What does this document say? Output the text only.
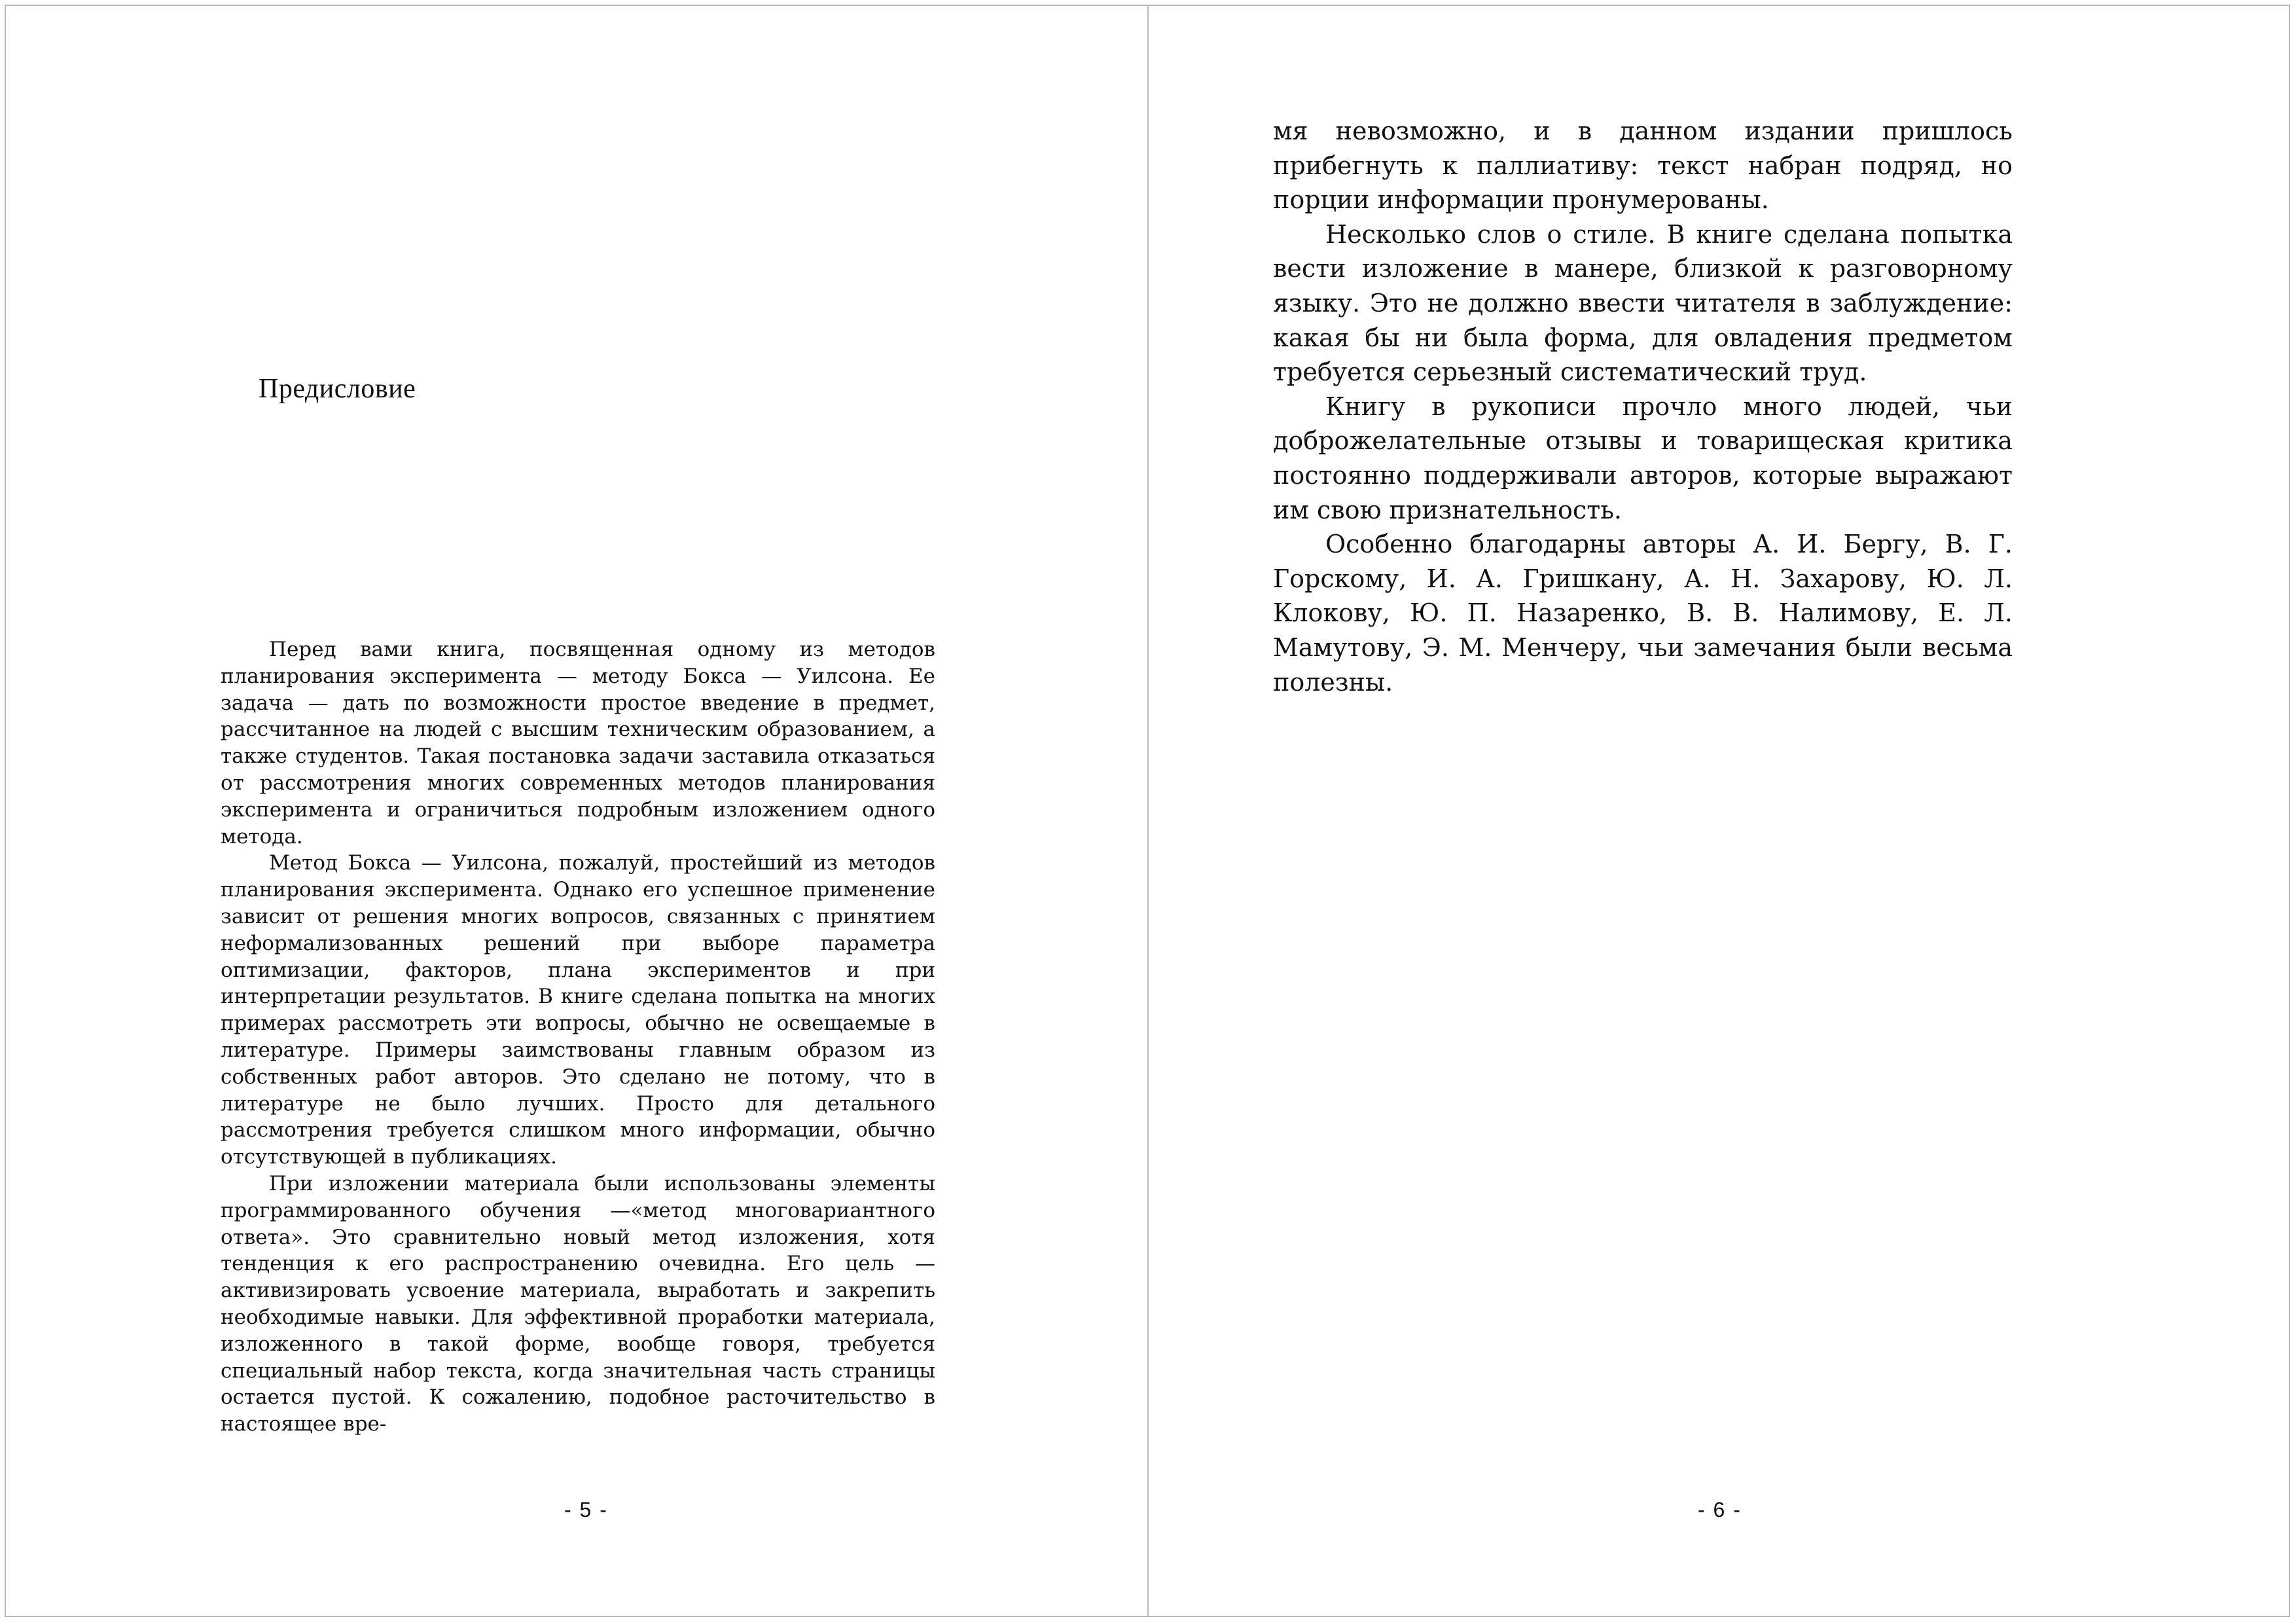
Предисловие

Перед вами книга, посвященная одному из методов планирования эксперимента — методу Бокса — Уилсона. Ее задача — дать по возможности простое введение в предмет, рассчитанное на людей с высшим техническим образованием, а также студентов. Такая постановка задачи заставила отказаться от рассмотрения многих современных методов планирования эксперимента и ограничиться подробным изложением одного метода.

Метод Бокса — Уилсона, пожалуй, простейший из методов планирования эксперимента. Однако его успешное применение зависит от решения многих вопросов, связанных с принятием неформализованных решений при выборе параметра оптимизации, факторов, плана экспериментов и при интерпретации результатов. В книге сделана попытка на многих примерах рассмотреть эти вопросы, обычно не освещаемые в литературе. Примеры заимствованы главным образом из собственных работ авторов. Это сделано не потому, что в литературе не было лучших. Просто для детального рассмотрения требуется слишком много информации, обычно отсутствующей в публикациях.

При изложении материала были использованы элементы программированного обучения —«метод многовариантного ответа». Это сравнительно новый метод изложения, хотя тенденция к его распространению очевидна. Его цель — активизировать усвоение материала, выработать и закрепить необходимые навыки. Для эффективной проработки материала, изложенного в такой форме, вообще говоря, требуется специальный набор текста, когда значительная часть страницы остается пустой. К сожалению, подобное расточительство в настоящее вре-

- 5 -

мя невозможно, и в данном издании пришлось прибегнуть к паллиативу: текст набран подряд, но порции информации пронумерованы.

Несколько слов о стиле. В книге сделана попытка вести изложение в манере, близкой к разговорному языку. Это не должно ввести читателя в заблуждение: какая бы ни была форма, для овладения предметом требуется серьезный систематический труд.

Книгу в рукописи прочло много людей, чьи доброжелательные отзывы и товарищеская критика постоянно поддерживали авторов, которые выражают им свою признательность.

Особенно благодарны авторы А. И. Бергу, В. Г. Горскому, И. А. Гришкану, А. Н. Захарову, Ю. Л. Клокову, Ю. П. Назаренко, В. В. Налимову, Е. Л. Мамутову, Э. М. Менчеру, чьи замечания были весьма полезны.

- 6 -
